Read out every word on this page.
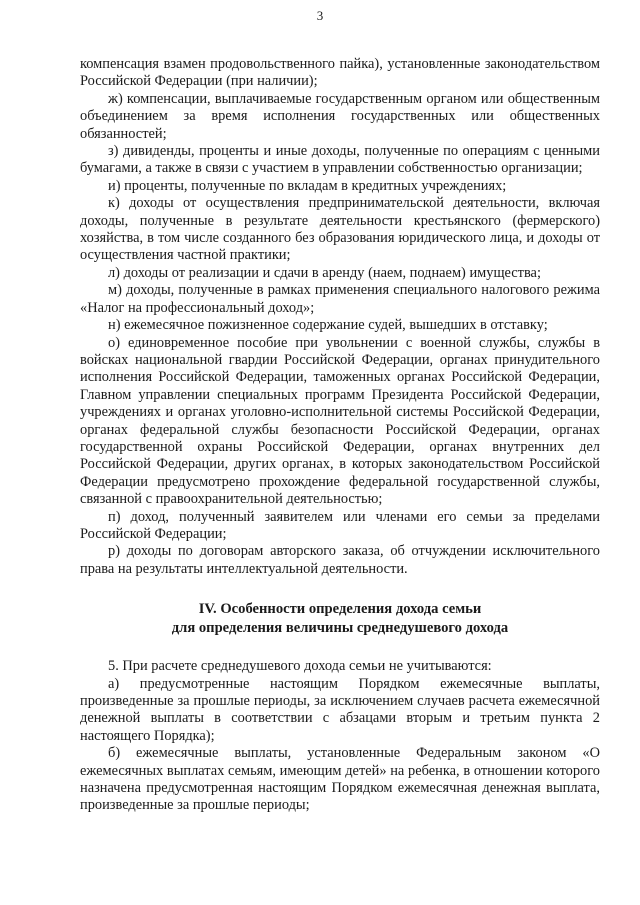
3

компенсация взамен продовольственного пайка), установленные законодательством Российской Федерации (при наличии);

ж) компенсации, выплачиваемые государственным органом или общественным объединением за время исполнения государственных или общественных обязанностей;

з) дивиденды, проценты и иные доходы, полученные по операциям с ценными бумагами, а также в связи с участием в управлении собственностью организации;

и) проценты, полученные по вкладам в кредитных учреждениях;

к) доходы от осуществления предпринимательской деятельности, включая доходы, полученные в результате деятельности крестьянского (фермерского) хозяйства, в том числе созданного без образования юридического лица, и доходы от осуществления частной практики;

л) доходы от реализации и сдачи в аренду (наем, поднаем) имущества;

м) доходы, полученные в рамках применения специального налогового режима «Налог на профессиональный доход»;

н) ежемесячное пожизненное содержание судей, вышедших в отставку;

о) единовременное пособие при увольнении с военной службы, службы в войсках национальной гвардии Российской Федерации, органах принудительного исполнения Российской Федерации, таможенных органах Российской Федерации, Главном управлении специальных программ Президента Российской Федерации, учреждениях и органах уголовно-исполнительной системы Российской Федерации, органах федеральной службы безопасности Российской Федерации, органах государственной охраны Российской Федерации, органах внутренних дел Российской Федерации, других органах, в которых законодательством Российской Федерации предусмотрено прохождение федеральной государственной службы, связанной с правоохранительной деятельностью;

п) доход, полученный заявителем или членами его семьи за пределами Российской Федерации;

р) доходы по договорам авторского заказа, об отчуждении исключительного права на результаты интеллектуальной деятельности.

IV. Особенности определения дохода семьи
для определения величины среднедушевого дохода

5. При расчете среднедушевого дохода семьи не учитываются:

а) предусмотренные настоящим Порядком ежемесячные выплаты, произведенные за прошлые периоды, за исключением случаев расчета ежемесячной денежной выплаты в соответствии с абзацами вторым и третьим пункта 2 настоящего Порядка);

б) ежемесячные выплаты, установленные Федеральным законом «О ежемесячных выплатах семьям, имеющим детей» на ребенка, в отношении которого назначена предусмотренная настоящим Порядком ежемесячная денежная выплата, произведенные за прошлые периоды;
